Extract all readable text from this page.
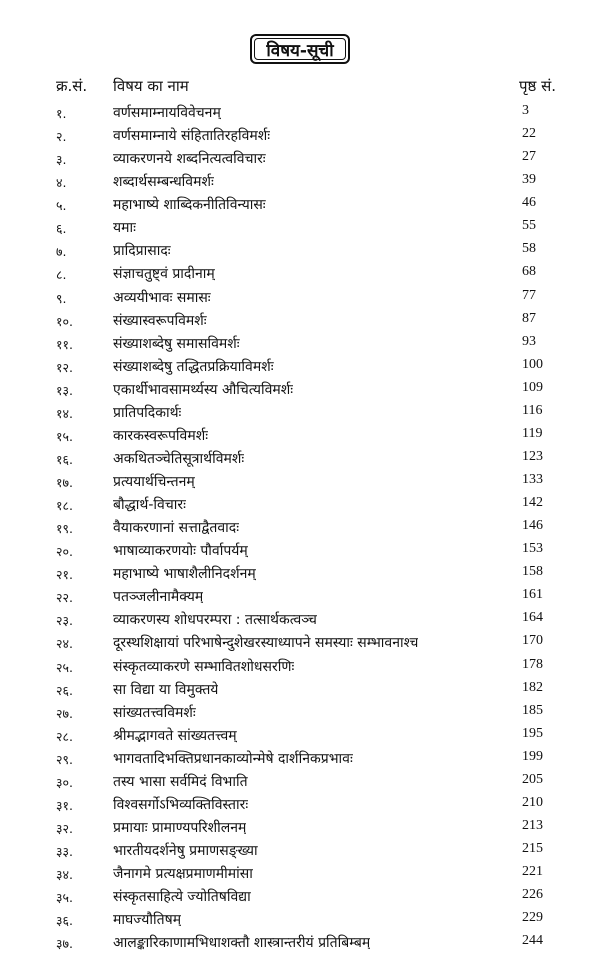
विषय-सूची
क्र.सं. विषय का नाम	पृष्ठ सं.
१.	वर्णसमाम्नायविवेचनम्	3
२.	वर्णसमाम्नाये संहितातिरहविमर्शः	22
३.	व्याकरणनये शब्दनित्यत्वविचारः	27
४.	शब्दार्थसम्बन्धविमर्शः	39
५.	महाभाष्ये शाब्दिकनीतिविन्यासः	46
६.	यमाः	55
७.	प्रादिप्रासादः	58
८.	संज्ञाचतुष्ट्वं प्रादीनाम्	68
९.	अव्ययीभावः समासः	77
१०.	संख्यास्वरूपविमर्शः	87
११.	संख्याशब्देषु समासविमर्शः	93
१२.	संख्याशब्देषु तद्धितप्रक्रियाविमर्शः	100
१३.	एकार्थीभावसामर्थ्यस्य औचित्यविमर्शः	109
१४.	प्रातिपदिकार्थः	116
१५.	कारकस्वरूपविमर्शः	119
१६.	अकथितञ्चेतिसूत्रार्थविमर्शः	123
१७.	प्रत्ययार्थचिन्तनम्	133
१८.	बौद्धार्थ-विचारः	142
१९.	वैयाकरणानां सत्ताद्वैतवादः	146
२०.	भाषाव्याकरणयोः पौर्वापर्यम्	153
२१.	महाभाष्ये भाषाशैलीनिदर्शनम्	158
२२.	पतञ्जलीनामैक्यम्	161
२३.	व्याकरणस्य शोधपरम्परा : तत्सार्थकत्वञ्च	164
२४.	दूरस्थशिक्षायां परिभाषेन्दुशेखरस्याध्यापने समस्याः सम्भावनाश्च	170
२५.	संस्कृतव्याकरणे सम्भावितशोधसरणिः	178
२६.	सा विद्या या विमुक्तये	182
२७.	सांख्यतत्त्वविमर्शः	185
२८.	श्रीमद्भागवते सांख्यतत्त्वम्	195
२९.	भागवतादिभक्तिप्रधानकाव्योन्मेषे दार्शनिकप्रभावः	199
३०.	तस्य भासा सर्वमिदं विभाति	205
३१.	विश्वसर्गोऽभिव्यक्तिविस्तारः	210
३२.	प्रमायाः प्रामाण्यपरिशीलनम्	213
३३.	भारतीयदर्शनेषु प्रमाणसङ्ख्या	215
३४.	जैनागमे प्रत्यक्षप्रमाणमीमांसा	221
३५.	संस्कृतसाहित्ये ज्योतिषविद्या	226
३६.	माघज्यौतिषम्	229
३७.	आलङ्कारिकाणामभिधाशक्तौ शास्त्रान्तरीयं प्रतिबिम्बम्	244
